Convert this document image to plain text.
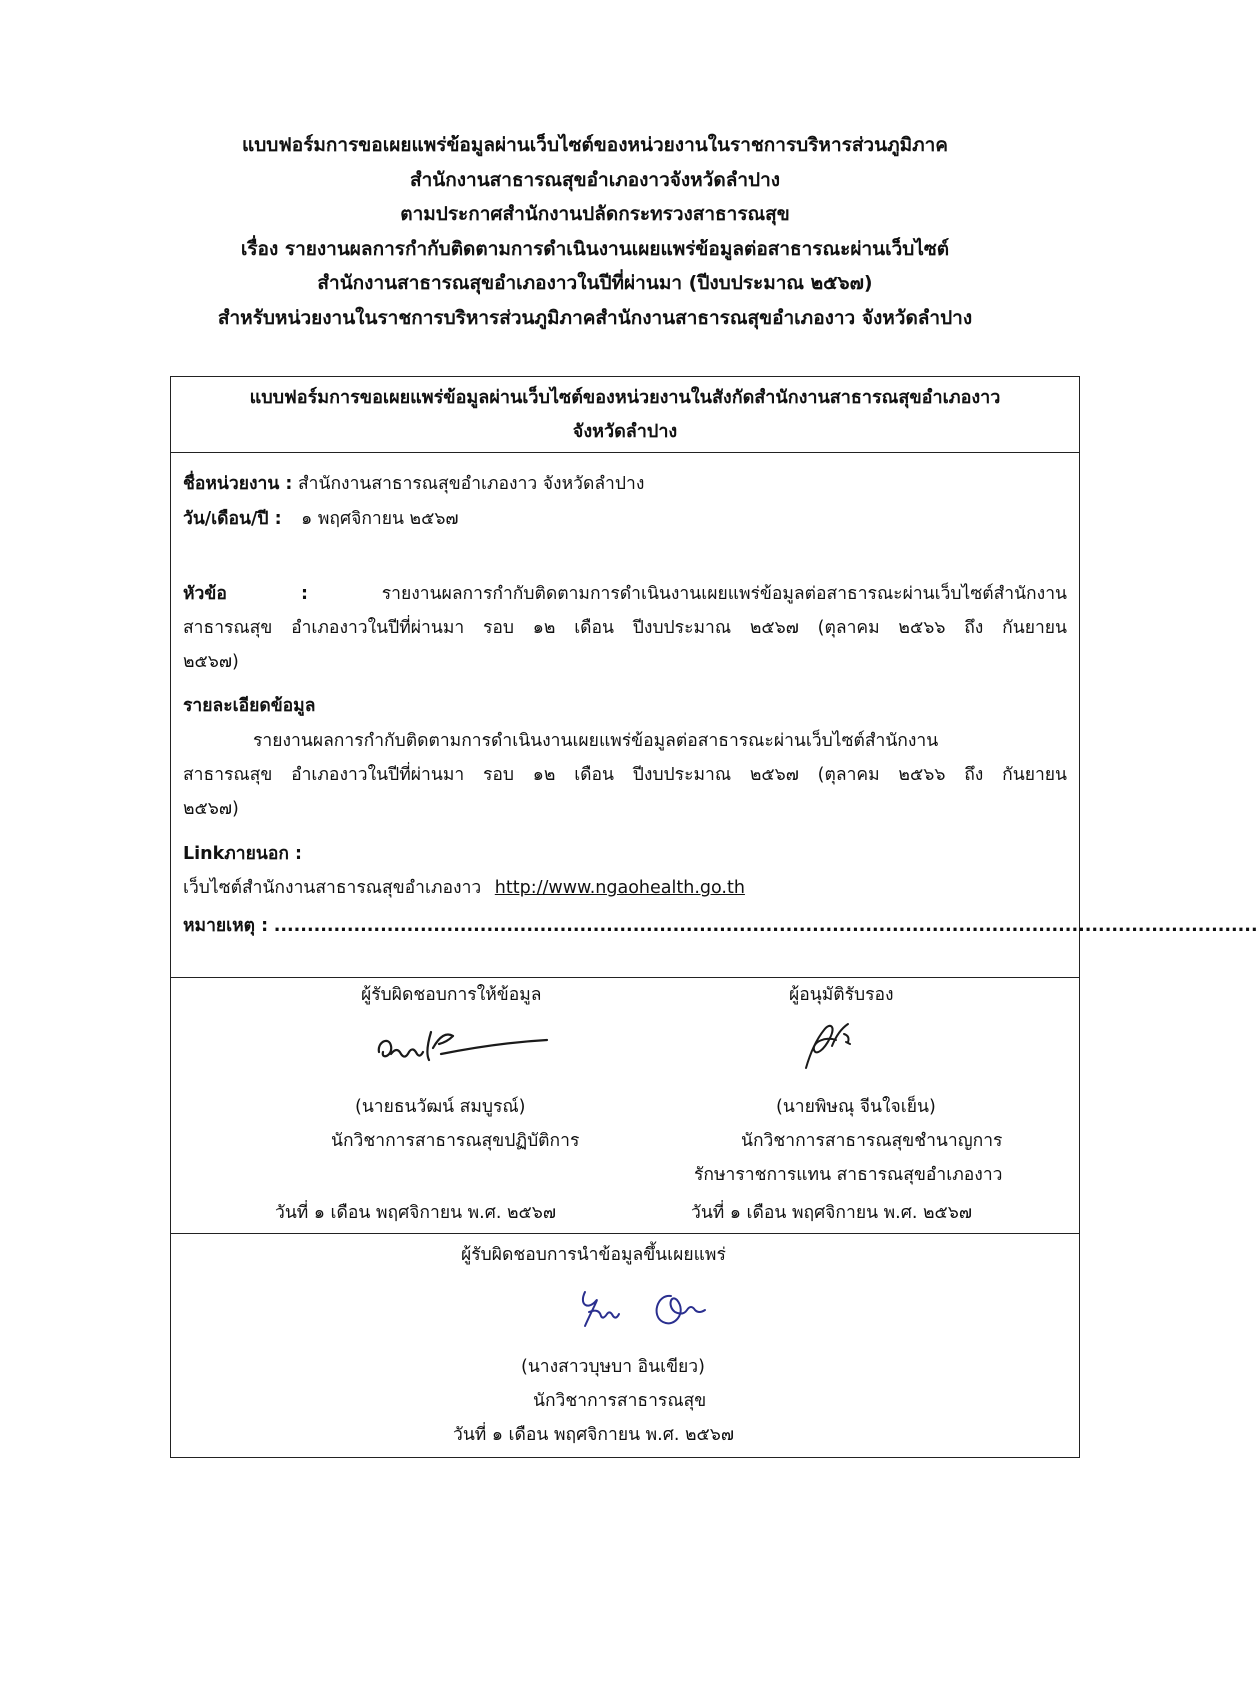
แบบฟอร์มการขอเผยแพร่ข้อมูลผ่านเว็บไซต์ของหน่วยงานในราชการบริหารส่วนภูมิภาค
สำนักงานสาธารณสุขอำเภองาวจังหวัดลำปาง
ตามประกาศสำนักงานปลัดกระทรวงสาธารณสุข
เรื่อง รายงานผลการกำกับติดตามการดำเนินงานเผยแพร่ข้อมูลต่อสาธารณะผ่านเว็บไซต์
สำนักงานสาธารณสุขอำเภองาวในปีที่ผ่านมา (ปีงบประมาณ ๒๕๖๗)
สำหรับหน่วยงานในราชการบริหารส่วนภูมิภาคสำนักงานสาธารณสุขอำเภองาว จังหวัดลำปาง
แบบฟอร์มการขอเผยแพร่ข้อมูลผ่านเว็บไซต์ของหน่วยงานในสังกัดสำนักงานสาธารณสุขอำเภองาว
จังหวัดลำปาง
ชื่อหน่วยงาน : สำนักงานสาธารณสุขอำเภองาว จังหวัดลำปาง
วัน/เดือน/ปี : ๑ พฤศจิกายน ๒๕๖๗
หัวข้อ :	รายงานผลการกำกับติดตามการดำเนินงานเผยแพร่ข้อมูลต่อสาธารณะผ่านเว็บไซต์สำนักงาน
สาธารณสุข อำเภองาวในปีที่ผ่านมา รอบ ๑๒ เดือน ปีงบประมาณ ๒๕๖๗ (ตุลาคม ๒๕๖๖ ถึง กันยายน
๒๕๖๗)
รายละเอียดข้อมูล
รายงานผลการกำกับติดตามการดำเนินงานเผยแพร่ข้อมูลต่อสาธารณะผ่านเว็บไซต์สำนักงาน
สาธารณสุข อำเภองาวในปีที่ผ่านมา รอบ ๑๒ เดือน ปีงบประมาณ ๒๕๖๗ (ตุลาคม ๒๕๖๖ ถึง กันยายน
๒๕๖๗)
Linkภายนอก :
เว็บไซต์สำนักงานสาธารณสุขอำเภองาว http://www.ngaohealth.go.th
หมายเหตุ : ....................................................................................................................................................
ผู้รับผิดชอบการให้ข้อมูล
(นายธนวัฒน์ สมบูรณ์)
นักวิชาการสาธารณสุขปฏิบัติการ
วันที่ ๑ เดือน พฤศจิกายน พ.ศ. ๒๕๖๗
ผู้อนุมัติรับรอง
(นายพิษณุ จีนใจเย็น)
นักวิชาการสาธารณสุขชำนาญการ
รักษาราชการแทน สาธารณสุขอำเภองาว
วันที่ ๑ เดือน พฤศจิกายน พ.ศ. ๒๕๖๗
ผู้รับผิดชอบการนำข้อมูลขึ้นเผยแพร่
(นางสาวบุษบา อินเขียว)
นักวิชาการสาธารณสุข
วันที่ ๑ เดือน พฤศจิกายน พ.ศ. ๒๕๖๗
